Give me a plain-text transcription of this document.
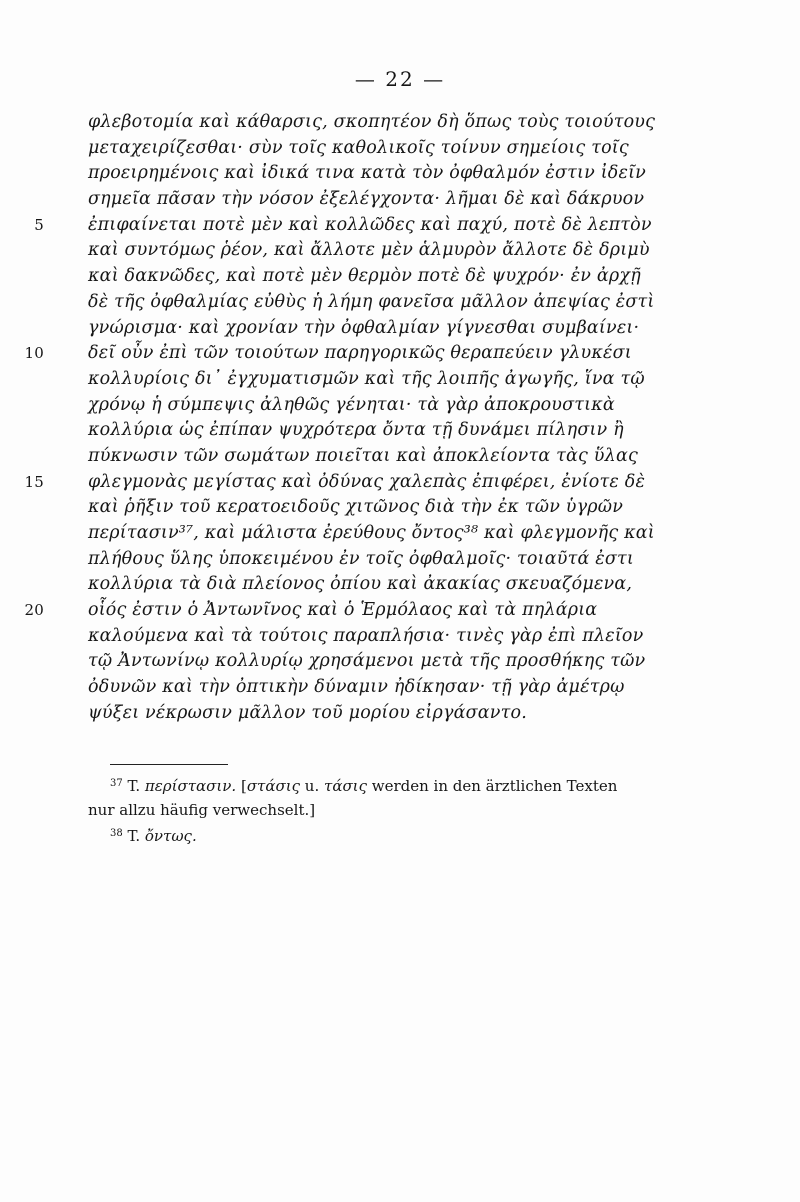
— 22 —
φλεβοτομία καὶ κάθαρσις, σκοπητέον δὴ ὅπως τοὺς τοιούτους
μεταχειρίζεσθαι· σὺν τοῖς καθολικοῖς τοίνυν σημείοις τοῖς
προειρημένοις καὶ ἰδικά τινα κατὰ τὸν ὀφθαλμόν ἐστιν ἰδεῖν
σημεῖα πᾶσαν τὴν νόσον ἐξελέγχοντα· λῆμαι δὲ καὶ δάκρυον
5	ἐπιφαίνεται ποτὲ μὲν καὶ κολλῶδες καὶ παχύ, ποτὲ δὲ λεπτὸν
καὶ συντόμως ῥέον, καὶ ἄλλοτε μὲν ἁλμυρὸν ἄλλοτε δὲ δριμὺ
καὶ δακνῶδες, καὶ ποτὲ μὲν θερμὸν ποτὲ δὲ ψυχρόν· ἐν ἀρχῇ
δὲ τῆς ὀφθαλμίας εὐθὺς ἡ λήμη φανεῖσα μᾶλλον ἀπεψίας ἐστὶ
γνώρισμα· καὶ χρονίαν τὴν ὀφθαλμίαν γίγνεσθαι συμβαίνει·
10	δεῖ οὖν ἐπὶ τῶν τοιούτων παρηγορικῶς θεραπεύειν γλυκέσι
κολλυρίοις δι᾽ ἐγχυματισμῶν καὶ τῆς λοιπῆς ἀγωγῆς, ἵνα τῷ
χρόνῳ ἡ σύμπεψις ἀληθῶς γένηται· τὰ γὰρ ἀποκρουστικὰ
κολλύρια ὡς ἐπίπαν ψυχρότερα ὄντα τῇ δυνάμει πίλησιν ἢ
πύκνωσιν τῶν σωμάτων ποιεῖται καὶ ἀποκλείοντα τὰς ὕλας
15	φλεγμονὰς μεγίστας καὶ ὀδύνας χαλεπὰς ἐπιφέρει, ἐνίοτε δὲ
καὶ ῥῆξιν τοῦ κερατοειδοῦς χιτῶνος διὰ τὴν ἐκ τῶν ὑγρῶν
περίτασιν³⁷, καὶ μάλιστα ἐρεύθους ὄντος³⁸ καὶ φλεγμονῆς καὶ
πλήθους ὕλης ὑποκειμένου ἐν τοῖς ὀφθαλμοῖς· τοιαῦτά ἐστι
κολλύρια τὰ διὰ πλείονος ὀπίου καὶ ἀκακίας σκευαζόμενα,
20	οἷός ἐστιν ὁ Ἀντωνῖνος καὶ ὁ Ἑρμόλαος καὶ τὰ πηλάρια
καλούμενα καὶ τὰ τούτοις παραπλήσια· τινὲς γὰρ ἐπὶ πλεῖον
τῷ Ἀντωνίνῳ κολλυρίῳ χρησάμενοι μετὰ τῆς προσθήκης τῶν
ὀδυνῶν καὶ τὴν ὀπτικὴν δύναμιν ἠδίκησαν· τῇ γὰρ ἀμέτρῳ
ψύξει νέκρωσιν μᾶλλον τοῦ μορίου εἰργάσαντο.
$^{37}$ T. περίστασιν. [στάσις u. τάσις werden in den ärztlichen Texten
nur allzu häufig verwechselt.]
$^{38}$ T. ὄντως.
